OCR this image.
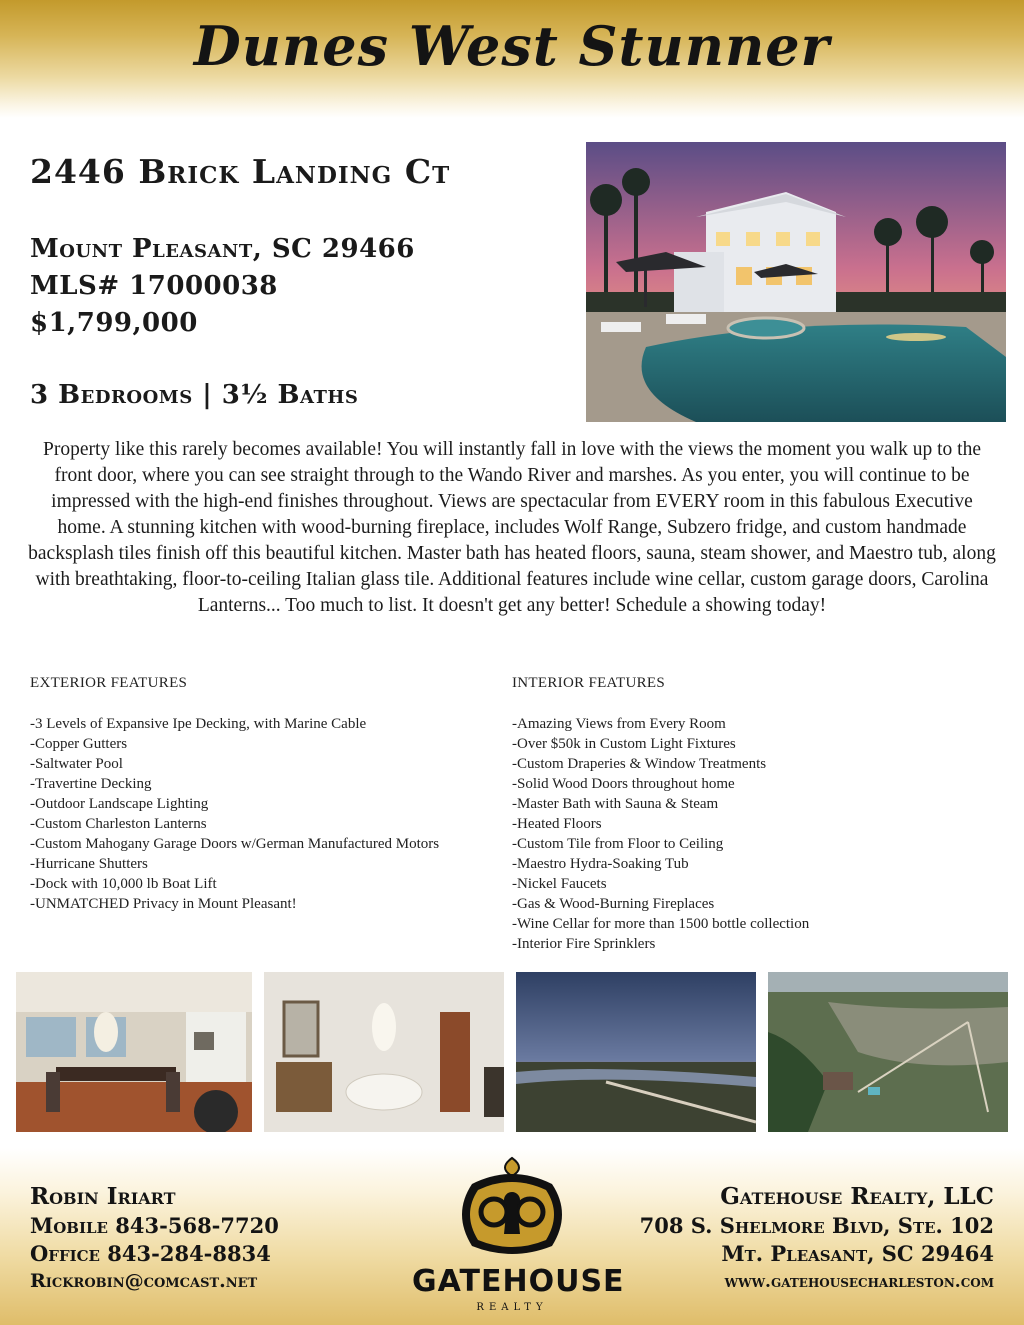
Dunes West Stunner
2446 Brick Landing Ct
Mount Pleasant, SC 29466
MLS# 17000038
$1,799,000
3 Bedrooms | 3½ Baths

Property like this rarely becomes available! You will instantly fall in love with the views the moment you walk up to the front door, where you can see straight through to the Wando River and marshes. As you enter, you will continue to be impressed with the high-end finishes throughout. Views are spectacular from EVERY room in this fabulous Executive home. A stunning kitchen with wood-burning fireplace, includes Wolf Range, Subzero fridge, and custom handmade backsplash tiles finish off this beautiful kitchen. Master bath has heated floors, sauna, steam shower, and Maestro tub, along with breathtaking, floor-to-ceiling Italian glass tile. Additional features include wine cellar, custom garage doors, Carolina Lanterns... Too much to list. It doesn't get any better! Schedule a showing today!

EXTERIOR FEATURES
-3 Levels of Expansive Ipe Decking, with Marine Cable
-Copper Gutters
-Saltwater Pool
-Travertine Decking
-Outdoor Landscape Lighting
-Custom Charleston Lanterns
-Custom Mahogany Garage Doors w/German Manufactured Motors
-Hurricane Shutters
-Dock with 10,000 lb Boat Lift
-UNMATCHED Privacy in Mount Pleasant!
INTERIOR FEATURES
-Amazing Views from Every Room
-Over $50k in Custom Light Fixtures
-Custom Draperies & Window Treatments
-Solid Wood Doors throughout home
-Master Bath with Sauna & Steam
-Heated Floors
-Custom Tile from Floor to Ceiling
-Maestro Hydra-Soaking Tub
-Nickel Faucets
-Gas & Wood-Burning Fireplaces
-Wine Cellar for more than 1500 bottle collection
-Interior Fire Sprinklers
Robin Iriart
Mobile 843-568-7720
Office 843-284-8834
Rickrobin@comcast.net	GATEHOUSE
REALTY
Gatehouse Realty, LLC
708 S. Shelmore Blvd, Ste. 102
Mt. Pleasant, SC 29464
www.gatehousecharleston.com
